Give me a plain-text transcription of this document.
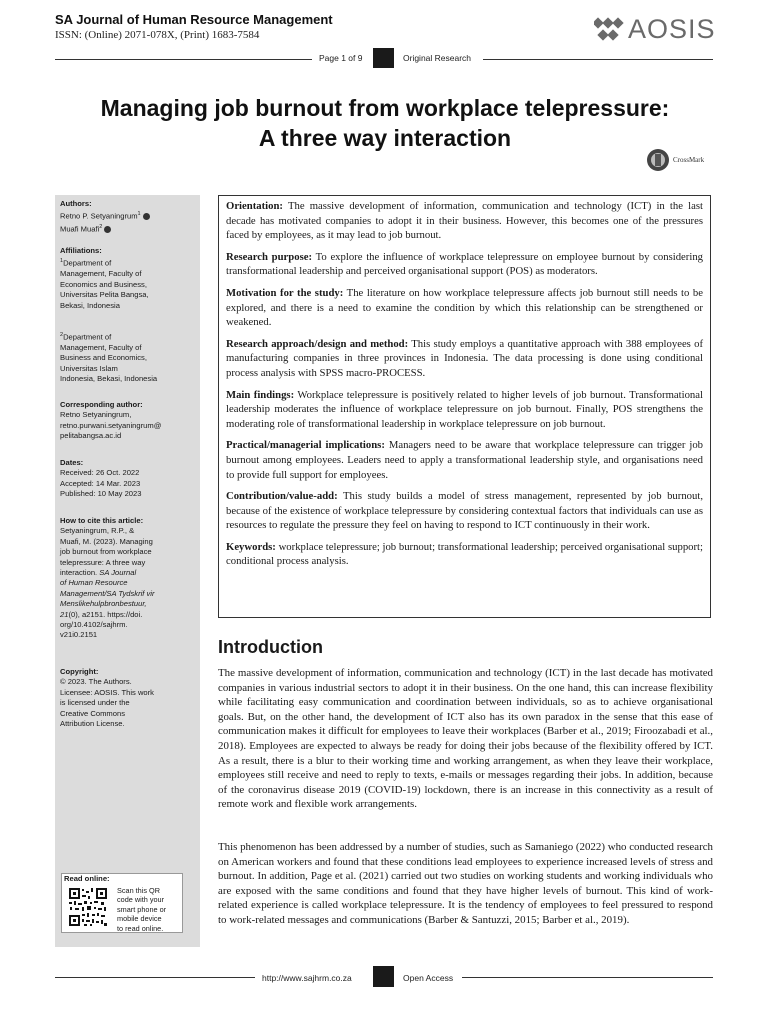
SA Journal of Human Resource Management
ISSN: (Online) 2071-078X, (Print) 1683-7584	AOSIS
Page 1 of 9	Original Research
Managing job burnout from workplace telepressure:
A three way interaction
CrossMark
Authors:
Retno P. Setyaningrum$^1$
Muafi Muafi$^2$
Affiliations:
$^1$Department of
Management, Faculty of
Economics and Business,
Universitas Pelita Bangsa,
Bekasi, Indonesia
$^2$Department of
Management, Faculty of
Business and Economics,
Universitas Islam
Indonesia, Bekasi, Indonesia
Corresponding author:
Retno Setyaningrum,
retno.purwani.setyaningrum@
pelitabangsa.ac.id
Dates:
Received: 26 Oct. 2022
Accepted: 14 Mar. 2023
Published: 10 May 2023
How to cite this article:
Setyaningrum, R.P., &
Muafi, M. (2023). Managing
job burnout from workplace
telepressure: A three way
interaction. SA Journal
of Human Resource
Management/SA Tydskrif vir
Menslikehulpbronbestuur,
21(0), a2151. https://doi.
org/10.4102/sajhrm.
v21i0.2151
Copyright:
© 2023. The Authors.
Licensee: AOSIS. This work
is licensed under the
Creative Commons
Attribution License.
Read online:
Scan this QR
code with your
smart phone or
mobile device
to read online.

Orientation: The massive development of information, communication and technology (ICT) in the last decade has motivated companies to adopt it in their business. However, this becomes one of the pressures faced by employees, as it may lead to job burnout.

Research purpose: To explore the influence of workplace telepressure on employee burnout by considering transformational leadership and perceived organisational support (POS) as moderators.

Motivation for the study: The literature on how workplace telepressure affects job burnout still needs to be explored, and there is a need to examine the condition by which this relationship can be strengthened or weakened.

Research approach/design and method: This study employs a quantitative approach with 388 employees of manufacturing companies in three provinces in Indonesia. The data processing is done using conditional process analysis with SPSS macro-PROCESS.

Main findings: Workplace telepressure is positively related to higher levels of job burnout. Transformational leadership moderates the influence of workplace telepressure on job burnout. Finally, POS strengthens the moderating role of transformational leadership in workplace telepressure on job burnout.

Practical/managerial implications: Managers need to be aware that workplace telepressure can trigger job burnout among employees. Leaders need to apply a transformational leadership style, and organisations need to provide full support for employees.

Contribution/value-add: This study builds a model of stress management, represented by job burnout, because of the existence of workplace telepressure by considering contextual factors that individuals can use as resources to regulate the pressure they feel on having to respond to ICT continuously in their work.

Keywords: workplace telepressure; job burnout; transformational leadership; perceived organisational support; conditional process analysis.

Introduction
The massive development of information, communication and technology (ICT) in the last decade has motivated companies in various industrial sectors to adopt it in their business. On the one hand, this can increase flexibility while facilitating easy communication and coordination between individuals, so as to achieve organisational goals. But, on the other hand, the development of ICT also has its own paradox in the sense that this ease of communication makes it difficult for employees to leave their workplaces (Barber et al., 2019; Firoozabadi et al., 2018). Employees are expected to always be ready for doing their jobs because of the flexibility offered by ICT. As a result, there is a blur to their working time and working arrangement, as when they leave their workplace, employees still receive and need to reply to texts, e-mails or messages regarding their jobs. In addition, because of the coronavirus disease 2019 (COVID-19) lockdown, there is an increase in this connectivity as a result of remote work and flexible work arrangements.
This phenomenon has been addressed by a number of studies, such as Samaniego (2022) who conducted research on American workers and found that these conditions lead employees to experience increased levels of stress and burnout. In addition, Page et al. (2021) carried out two studies on working students and working individuals who are exposed with the same conditions and found that they have higher levels of burnout. This kind of work-related experience is called workplace telepressure. It is the tendency of employees to feel pressured to respond to work-related messages and communications (Barber & Santuzzi, 2015; Barber et al., 2019).
http://www.sajhrm.co.za	Open Access
